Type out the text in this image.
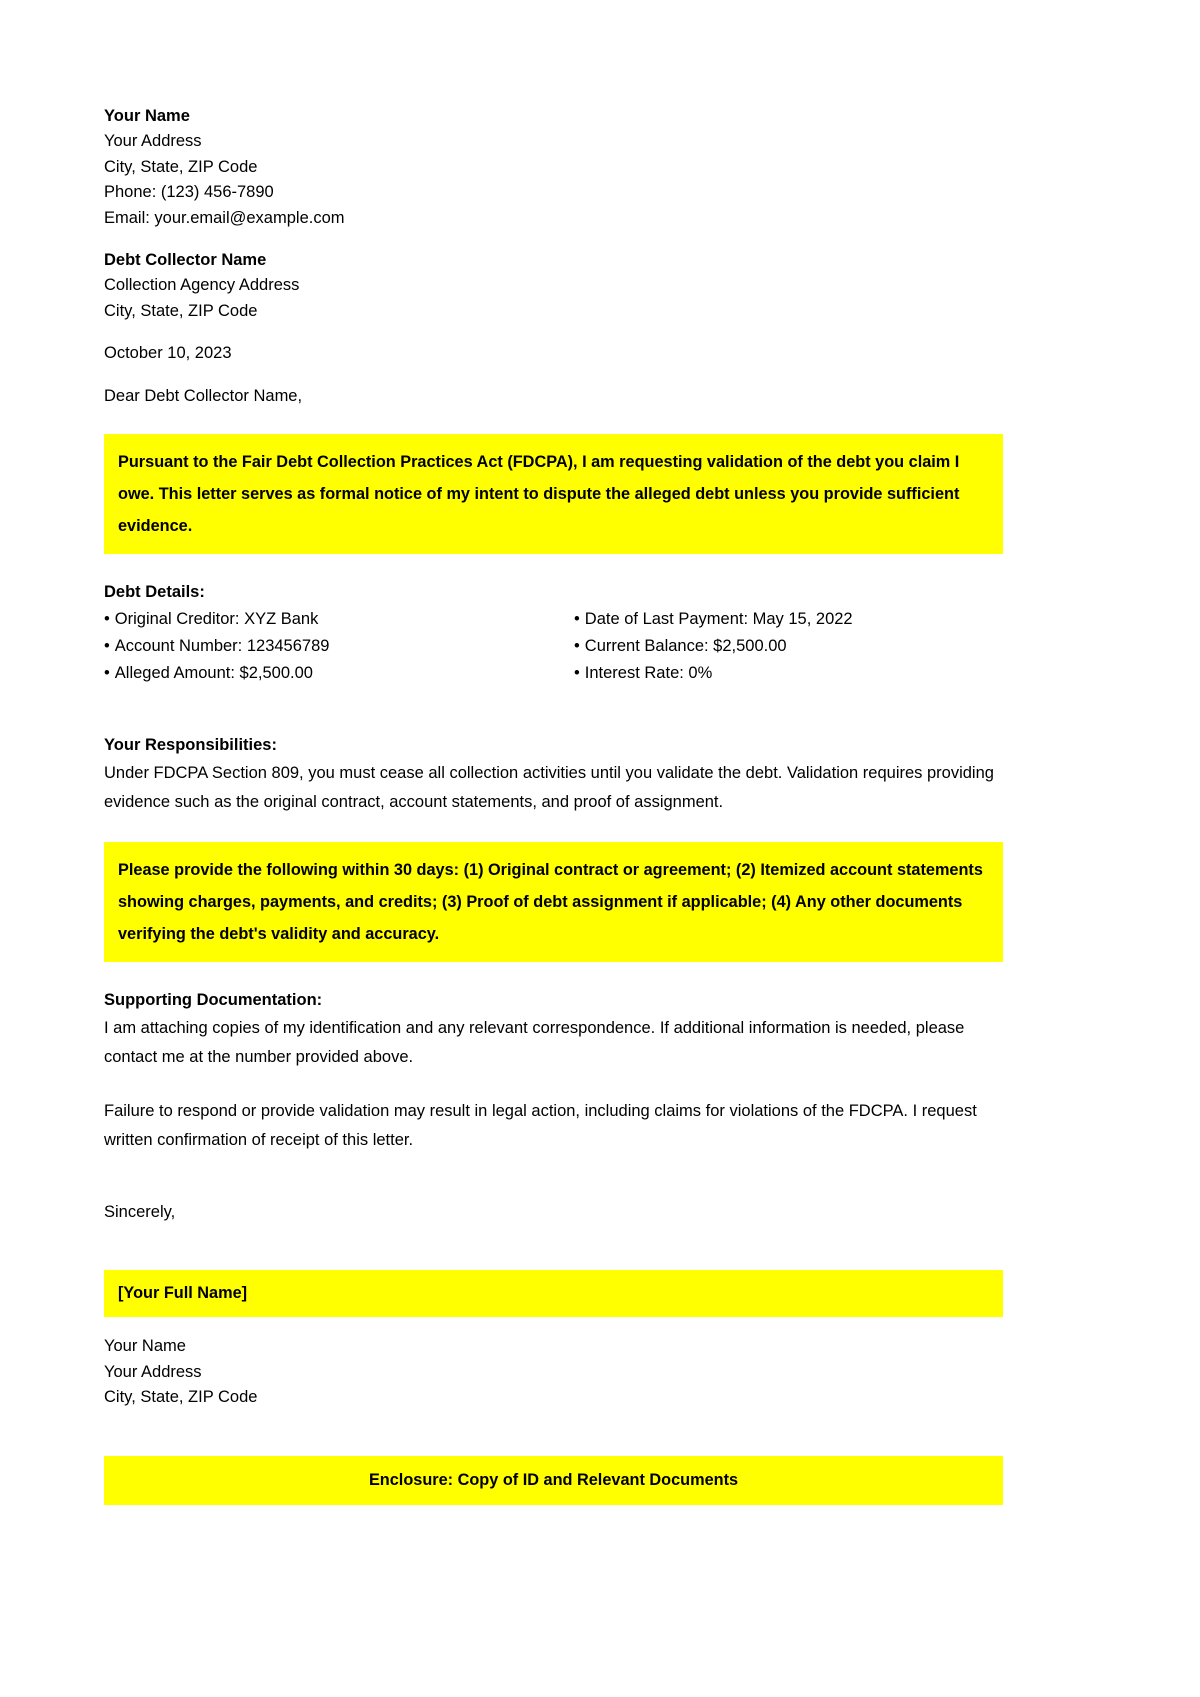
Your Name
Your Address
City, State, ZIP Code
Phone: (123) 456-7890
Email: your.email@example.com
Debt Collector Name
Collection Agency Address
City, State, ZIP Code
October 10, 2023
Dear Debt Collector Name,
Pursuant to the Fair Debt Collection Practices Act (FDCPA), I am requesting validation of the debt you claim I owe. This letter serves as formal notice of my intent to dispute the alleged debt unless you provide sufficient evidence.
Debt Details:
• Original Creditor: XYZ Bank	• Date of Last Payment: May 15, 2022
• Account Number: 123456789	• Current Balance: $2,500.00
• Alleged Amount: $2,500.00	• Interest Rate: 0%
Your Responsibilities:

Under FDCPA Section 809, you must cease all collection activities until you validate the debt. Validation requires providing evidence such as the original contract, account statements, and proof of assignment.

Please provide the following within 30 days: (1) Original contract or agreement; (2) Itemized account statements showing charges, payments, and credits; (3) Proof of debt assignment if applicable; (4) Any other documents verifying the debt's validity and accuracy.
Supporting Documentation:

I am attaching copies of my identification and any relevant correspondence. If additional information is needed, please contact me at the number provided above.

Failure to respond or provide validation may result in legal action, including claims for violations of the FDCPA. I request written confirmation of receipt of this letter.

Sincerely,
[Your Full Name]
Your Name
Your Address
City, State, ZIP Code
Enclosure: Copy of ID and Relevant Documents
